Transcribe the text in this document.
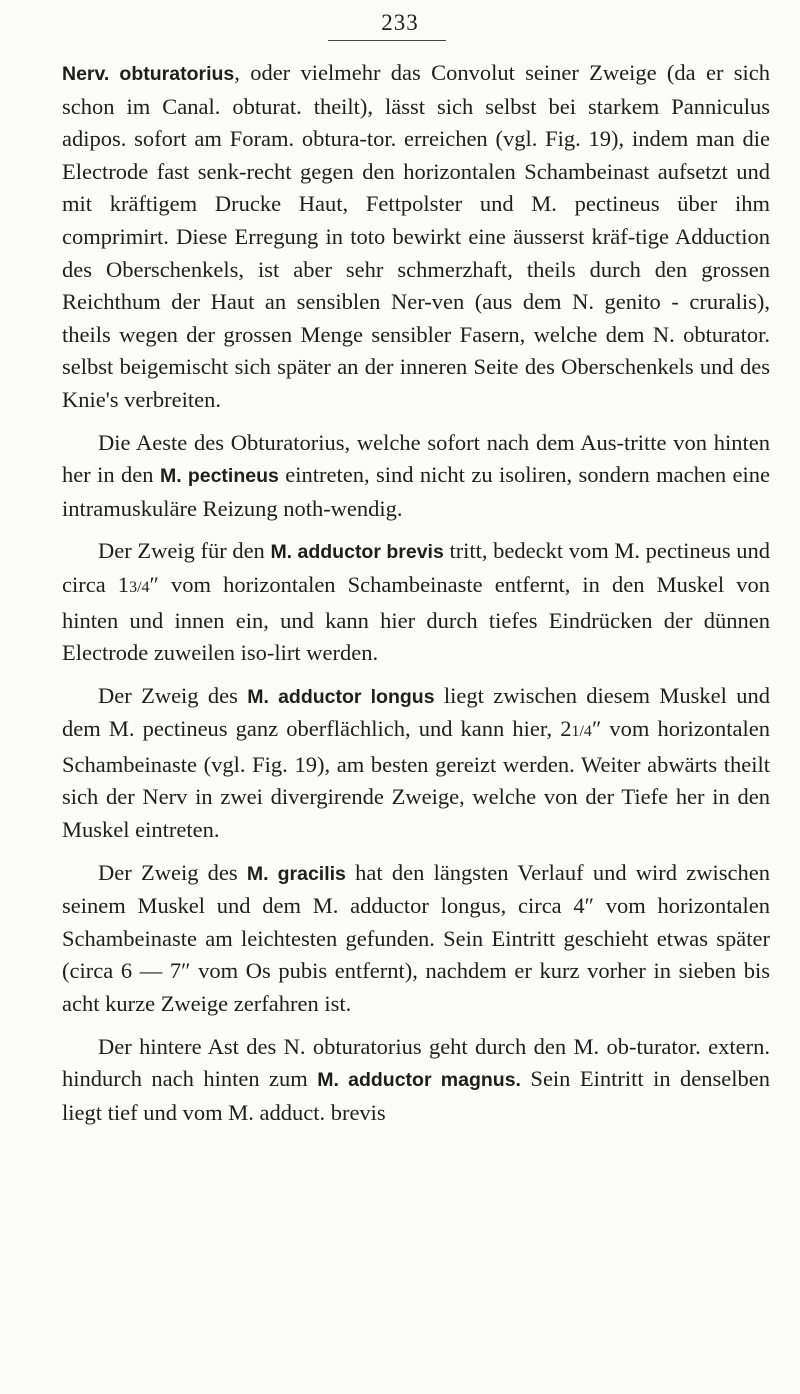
233

Nerv. obturatorius, oder vielmehr das Convolut seiner Zweige (da er sich schon im Canal. obturat. theilt), lässt sich selbst bei starkem Panniculus adipos. sofort am Foram. obtura-tor. erreichen (vgl. Fig. 19), indem man die Electrode fast senk-recht gegen den horizontalen Schambeinast aufsetzt und mit kräftigem Drucke Haut, Fettpolster und M. pectineus über ihm comprimirt. Diese Erregung in toto bewirkt eine äusserst kräf-tige Adduction des Oberschenkels, ist aber sehr schmerzhaft, theils durch den grossen Reichthum der Haut an sensiblen Ner-ven (aus dem N. genito - cruralis), theils wegen der grossen Menge sensibler Fasern, welche dem N. obturator. selbst beigemischt sich später an der inneren Seite des Oberschenkels und des Knie's verbreiten.

Die Aeste des Obturatorius, welche sofort nach dem Aus-tritte von hinten her in den M. pectineus eintreten, sind nicht zu isoliren, sondern machen eine intramuskuläre Reizung noth-wendig.

Der Zweig für den M. adductor brevis tritt, bedeckt vom M. pectineus und circa 13/4″ vom horizontalen Schambeinaste entfernt, in den Muskel von hinten und innen ein, und kann hier durch tiefes Eindrücken der dünnen Electrode zuweilen iso-lirt werden.

Der Zweig des M. adductor longus liegt zwischen diesem Muskel und dem M. pectineus ganz oberflächlich, und kann hier, 21/4″ vom horizontalen Schambeinaste (vgl. Fig. 19), am besten gereizt werden. Weiter abwärts theilt sich der Nerv in zwei divergirende Zweige, welche von der Tiefe her in den Muskel eintreten.

Der Zweig des M. gracilis hat den längsten Verlauf und wird zwischen seinem Muskel und dem M. adductor longus, circa 4″ vom horizontalen Schambeinaste am leichtesten gefunden. Sein Eintritt geschieht etwas später (circa 6 — 7″ vom Os pubis entfernt), nachdem er kurz vorher in sieben bis acht kurze Zweige zerfahren ist.

Der hintere Ast des N. obturatorius geht durch den M. ob-turator. extern. hindurch nach hinten zum M. adductor magnus. Sein Eintritt in denselben liegt tief und vom M. adduct. brevis
